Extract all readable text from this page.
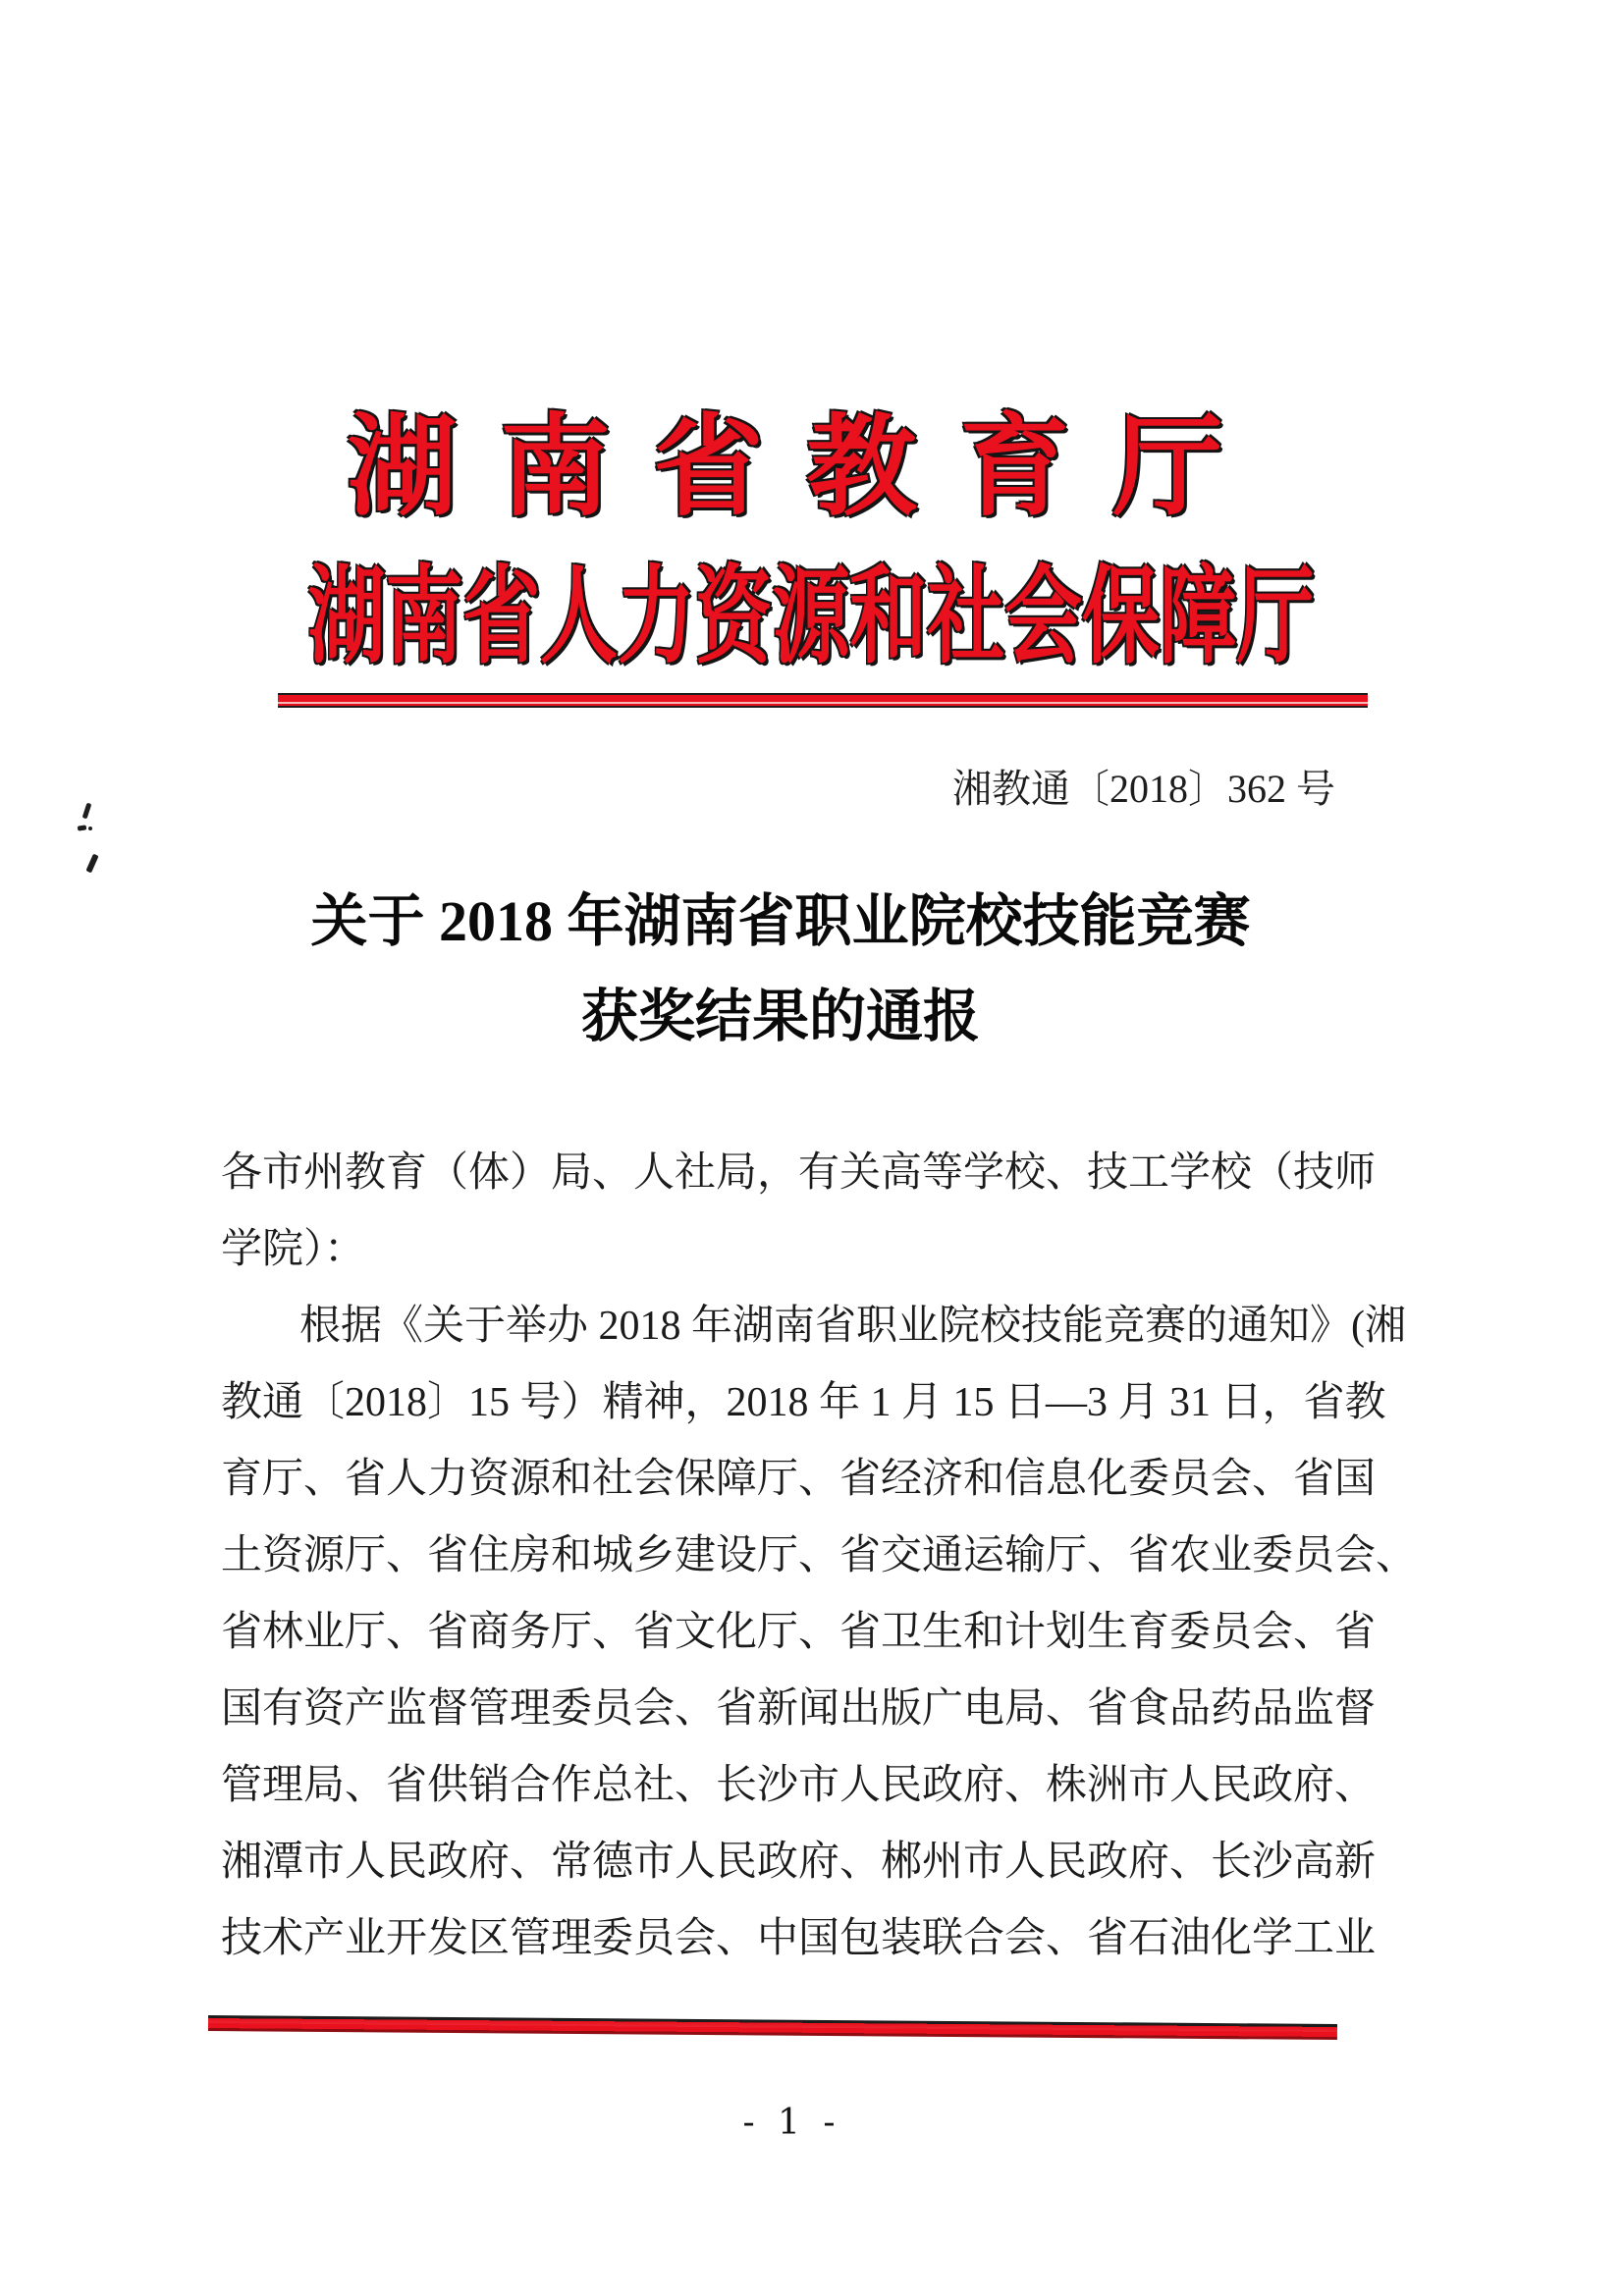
湖南省教育厅
湖南省人力资源和社会保障厅
湘教通〔2018〕362 号
关于 2018 年湖南省职业院校技能竞赛
获奖结果的通报
各市州教育（体）局、人社局，有关高等学校、技工学校（技师
学院）：
根据《关于举办 2018 年湖南省职业院校技能竞赛的通知》(湘
教通〔2018〕15 号）精神，2018 年 1 月 15 日—3 月 31 日，省教
育厅、省人力资源和社会保障厅、省经济和信息化委员会、省国
土资源厅、省住房和城乡建设厅、省交通运输厅、省农业委员会、
省林业厅、省商务厅、省文化厅、省卫生和计划生育委员会、省
国有资产监督管理委员会、省新闻出版广电局、省食品药品监督
管理局、省供销合作总社、长沙市人民政府、株洲市人民政府、
湘潭市人民政府、常德市人民政府、郴州市人民政府、长沙高新
技术产业开发区管理委员会、中国包装联合会、省石油化学工业
- 1 -
